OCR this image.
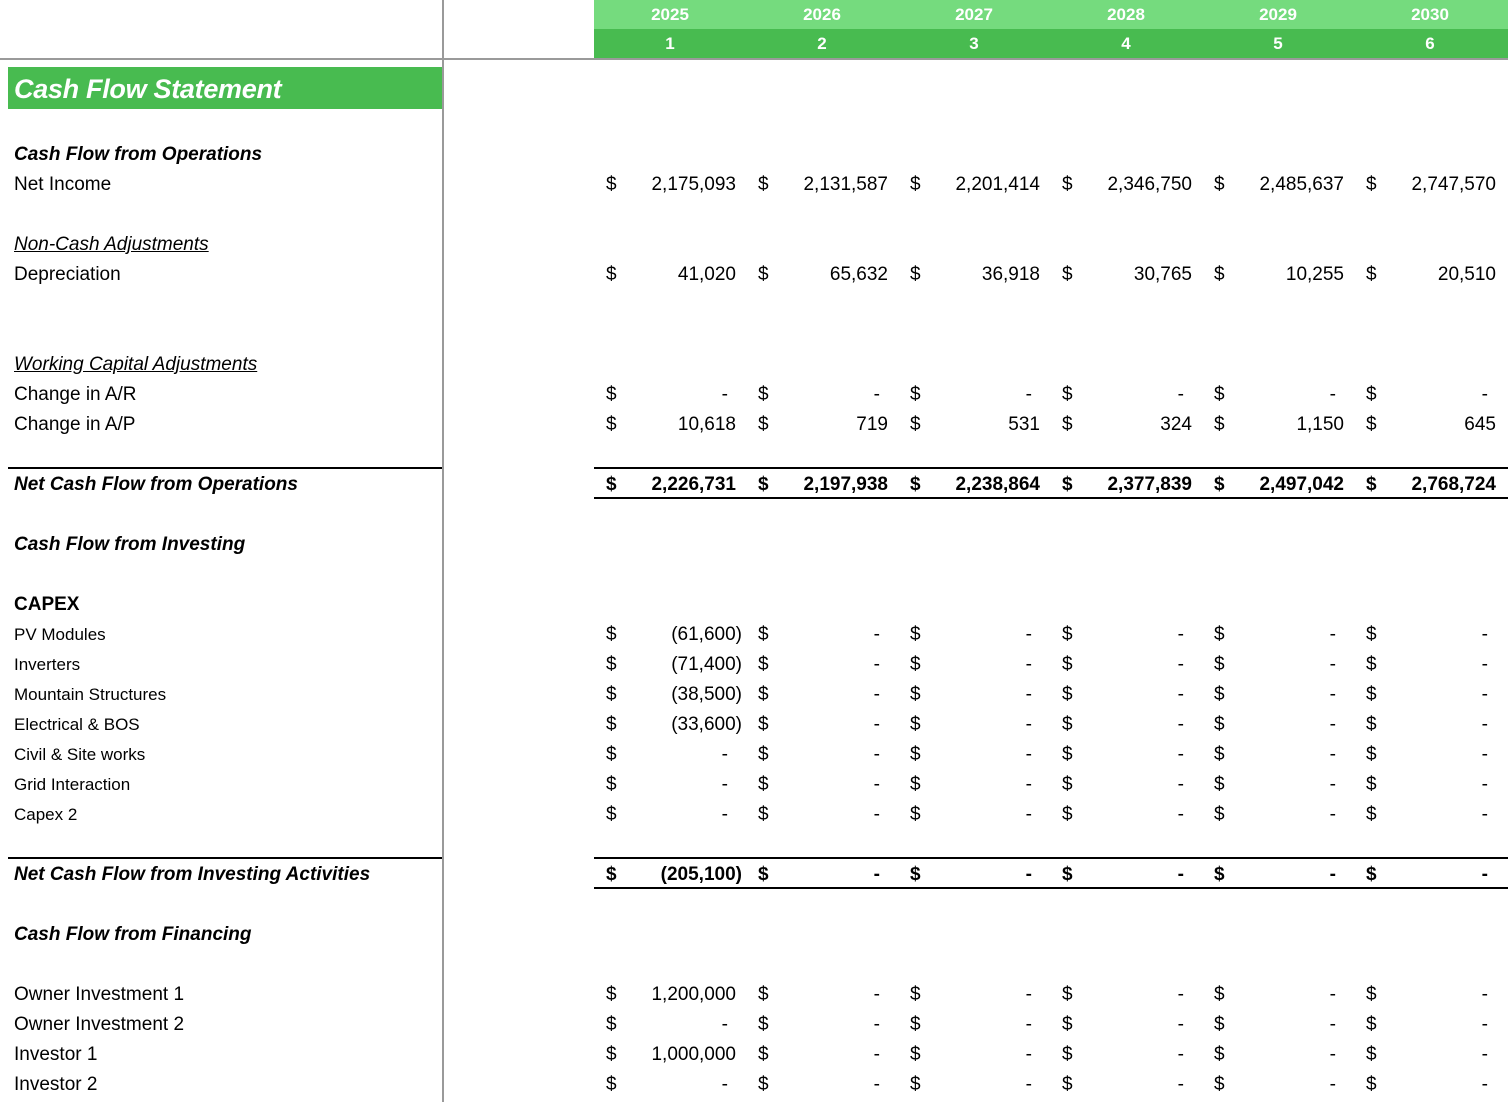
2025	2026	2027	2028	2029	2030
1	2	3	4	5	6
Cash Flow Statement
Cash Flow from Operations
Net Income	$ 2,175,093 $ 2,131,587 $ 2,201,414 $ 2,346,750 $ 2,485,637 $ 2,747,570
Non-Cash Adjustments
Depreciation	$	41,020 $	65,632 $	36,918 $	30,765 $	10,255 $	20,510
Working Capital Adjustments
Change in A/R	$	- $	- $	- $	- $	- $	-
Change in A/P	$	10,618 $	719 $	531 $	324 $	1,150 $	645
Net Cash Flow from Operations	$ 2,226,731 $ 2,197,938 $ 2,238,864 $ 2,377,839 $ 2,497,042 $ 2,768,724
Cash Flow from Investing
CAPEX
PV Modules	$	(61,600) $	- $	- $	- $	- $	-
Inverters	$	(71,400) $	- $	- $	- $	- $	-
Mountain Structures	$	(38,500) $	- $	- $	- $	- $	-
Electrical & BOS	$	(33,600) $	- $	- $	- $	- $	-
Civil & Site works	$	- $	- $	- $	- $	- $	-
Grid Interaction	$	- $	- $	- $	- $	- $	-
Capex 2	$	- $	- $	- $	- $	- $	-
Net Cash Flow from Investing Activities	$ (205,100) $	- $	- $	- $	- $	-
Cash Flow from Financing
Owner Investment 1	$ 1,200,000 $	- $	- $	- $	- $	-
Owner Investment 2	$	- $	- $	- $	- $	- $	-
Investor 1	$ 1,000,000 $	- $	- $	- $	- $	-
Investor 2	$	- $	- $	- $	- $	- $	-
